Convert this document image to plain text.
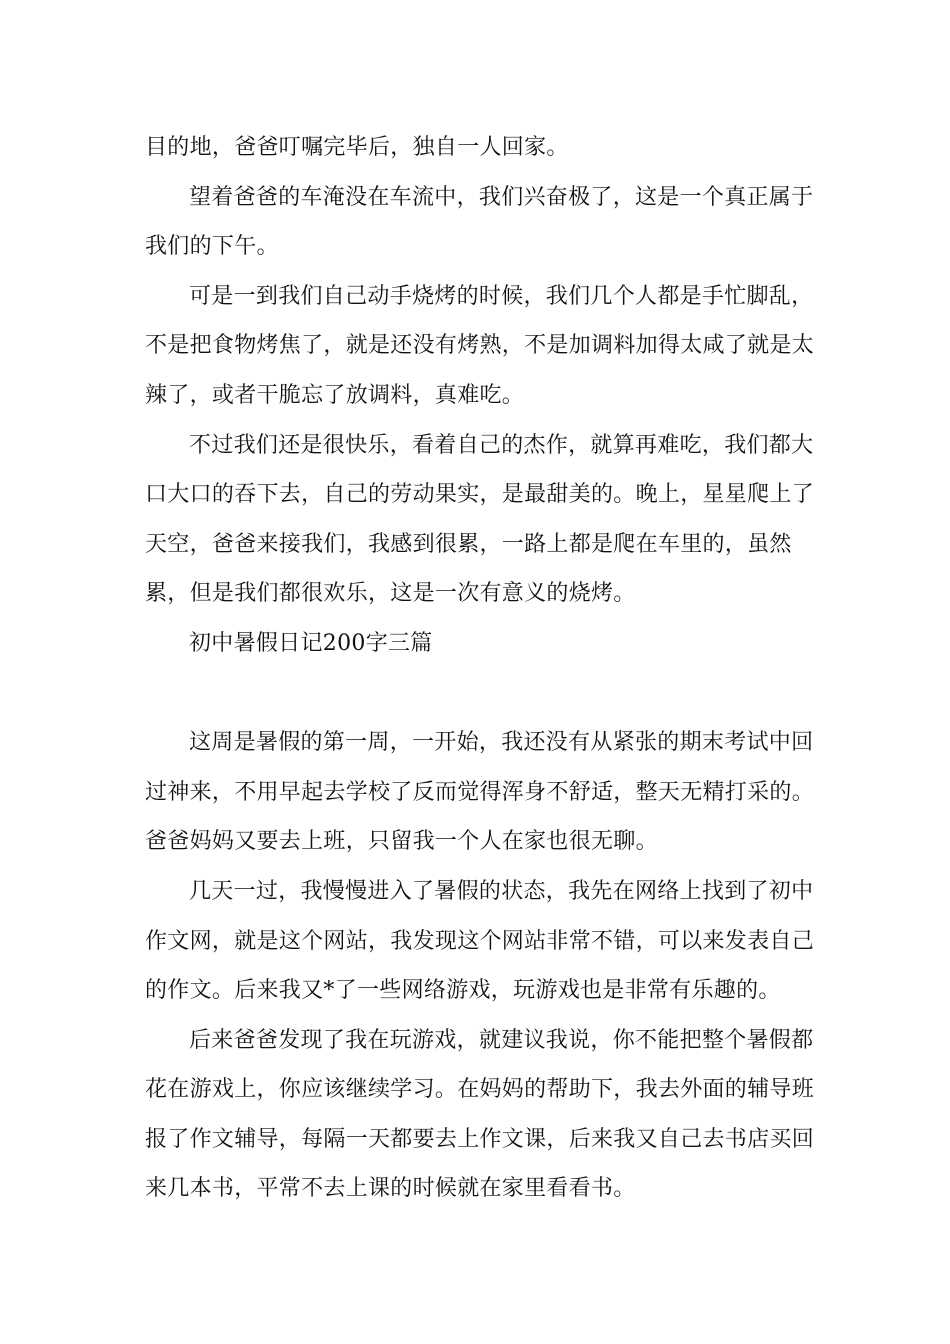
目的地，爸爸叮嘱完毕后，独自一人回家。

望着爸爸的车淹没在车流中，我们兴奋极了，这是一个真正属于我们的下午。

可是一到我们自己动手烧烤的时候，我们几个人都是手忙脚乱，不是把食物烤焦了，就是还没有烤熟，不是加调料加得太咸了就是太辣了，或者干脆忘了放调料，真难吃。

不过我们还是很快乐，看着自己的杰作，就算再难吃，我们都大口大口的吞下去，自己的劳动果实，是最甜美的。晚上，星星爬上了天空，爸爸来接我们，我感到很累，一路上都是爬在车里的，虽然累，但是我们都很欢乐，这是一次有意义的烧烤。

初中暑假日记200字三篇

这周是暑假的第一周，一开始，我还没有从紧张的期末考试中回过神来，不用早起去学校了反而觉得浑身不舒适，整天无精打采的。爸爸妈妈又要去上班，只留我一个人在家也很无聊。

几天一过，我慢慢进入了暑假的状态，我先在网络上找到了初中作文网，就是这个网站，我发现这个网站非常不错，可以来发表自己的作文。后来我又*了一些网络游戏，玩游戏也是非常有乐趣的。

后来爸爸发现了我在玩游戏，就建议我说，你不能把整个暑假都花在游戏上，你应该继续学习。在妈妈的帮助下，我去外面的辅导班报了作文辅导，每隔一天都要去上作文课，后来我又自己去书店买回来几本书，平常不去上课的时候就在家里看看书。
